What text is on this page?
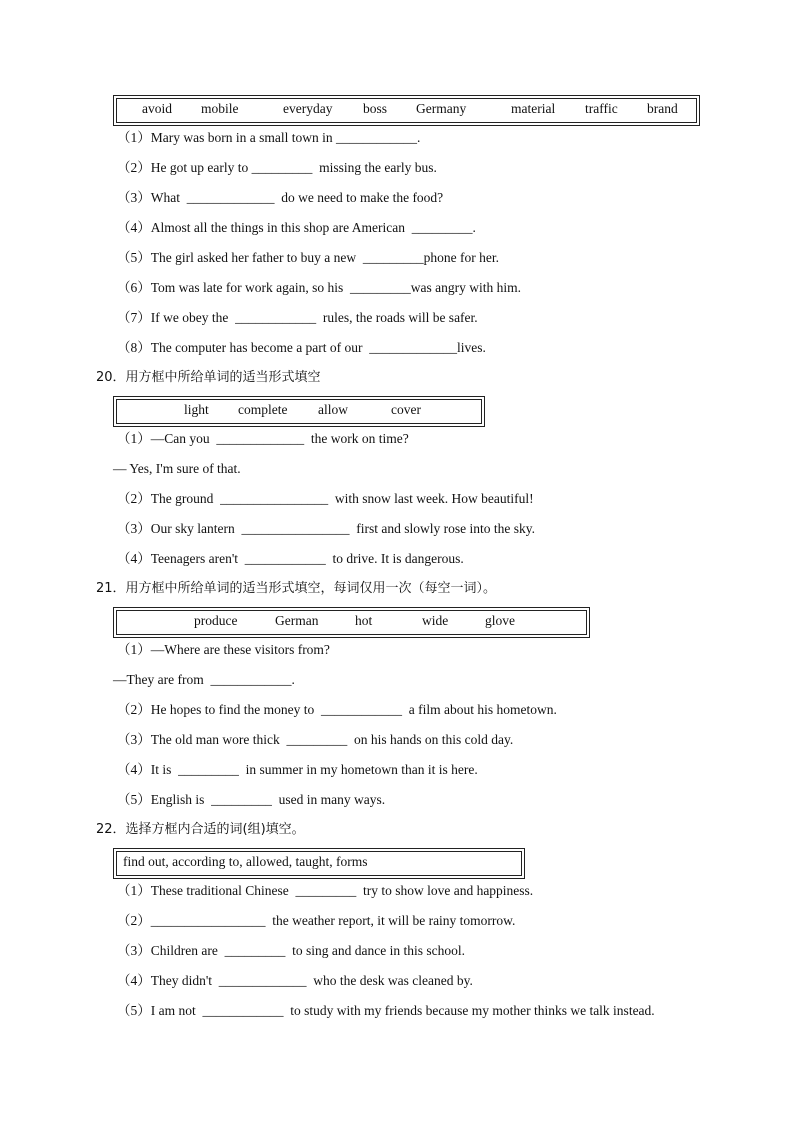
avoid mobile	everyday boss Germany	material traffic brand
（1）Mary was born in a small town in ____________.
（2）He got up early to _________  missing the early bus.
（3）What  _____________  do we need to make the food?
（4）Almost all the things in this shop are American  _________.
（5）The girl asked her father to buy a new  _________phone for her.
（6）Tom was late for work again, so his  _________was angry with him.
（7）If we obey the  ____________  rules, the roads will be safer.
（8）The computer has become a part of our  _____________lives.
20．用方框中所给单词的适当形式填空
light complete allow	cover
（1）—Can you  _____________  the work on time?
— Yes, I'm sure of that.
（2）The ground  ________________  with snow last week. How beautiful!
（3）Our sky lantern  ________________  first and slowly rose into the sky.
（4）Teenagers aren't  ____________  to drive. It is dangerous.
21．用方框中所给单词的适当形式填空，每词仅用一次（每空一词）。
produce	German	hot	wide	glove
（1）—Where are these visitors from?
—They are from  ____________.
（2）He hopes to find the money to  ____________  a film about his hometown.
（3）The old man wore thick  _________  on his hands on this cold day.
（4）It is  _________  in summer in my hometown than it is here.
（5）English is  _________  used in many ways.
22．选择方框内合适的词(组)填空。
find out, according to, allowed, taught, forms
（1）These traditional Chinese  _________  try to show love and happiness.
（2）_________________  the weather report, it will be rainy tomorrow.
（3）Children are  _________  to sing and dance in this school.
（4）They didn't  _____________  who the desk was cleaned by.
（5）I am not  ____________  to study with my friends because my mother thinks we talk instead.
